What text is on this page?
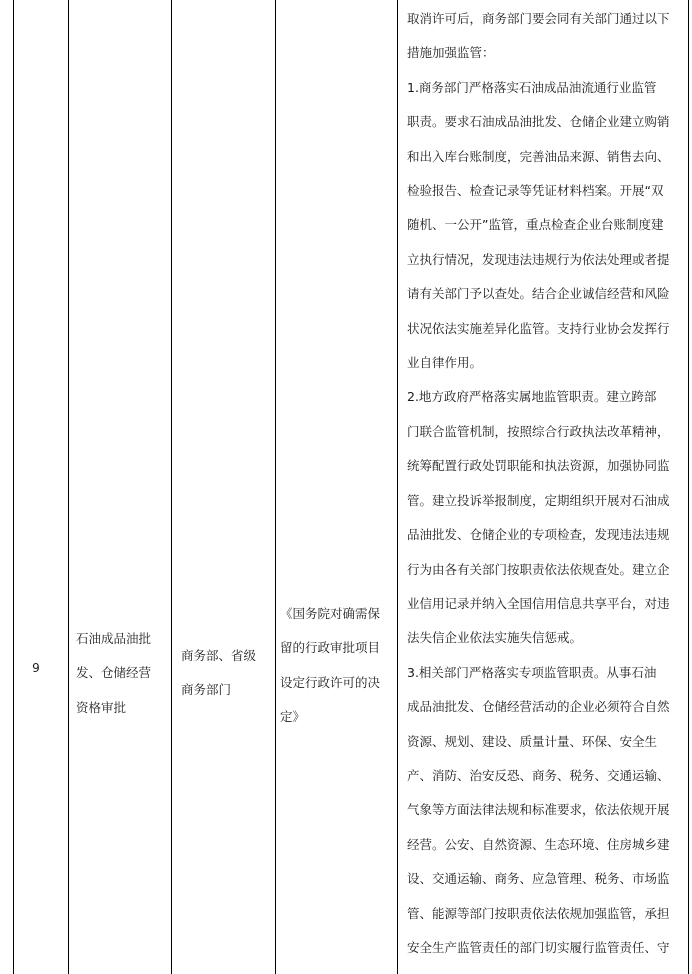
9
石油成品油批
发、仓储经营
资格审批
商务部、省级
商务部门
《国务院对确需保
留的行政审批项目
设定行政许可的决
定》
取消许可后，商务部门要会同有关部门通过以下
措施加强监管：
1.商务部门严格落实石油成品油流通行业监管
职责。要求石油成品油批发、仓储企业建立购销
和出入库台账制度，完善油品来源、销售去向、
检验报告、检查记录等凭证材料档案。开展“双
随机、一公开”监管，重点检查企业台账制度建
立执行情况，发现违法违规行为依法处理或者提
请有关部门予以查处。结合企业诚信经营和风险
状况依法实施差异化监管。支持行业协会发挥行
业自律作用。
2.地方政府严格落实属地监管职责。建立跨部
门联合监管机制，按照综合行政执法改革精神，
统筹配置行政处罚职能和执法资源，加强协同监
管。建立投诉举报制度，定期组织开展对石油成
品油批发、仓储企业的专项检查，发现违法违规
行为由各有关部门按职责依法依规查处。建立企
业信用记录并纳入全国信用信息共享平台，对违
法失信企业依法实施失信惩戒。
3.相关部门严格落实专项监管职责。从事石油
成品油批发、仓储经营活动的企业必须符合自然
资源、规划、建设、质量计量、环保、安全生
产、消防、治安反恐、商务、税务、交通运输、
气象等方面法律法规和标准要求，依法依规开展
经营。公安、自然资源、生态环境、住房城乡建
设、交通运输、商务、应急管理、税务、市场监
管、能源等部门按职责依法依规加强监管，承担
安全生产监管责任的部门切实履行监管责任、守
